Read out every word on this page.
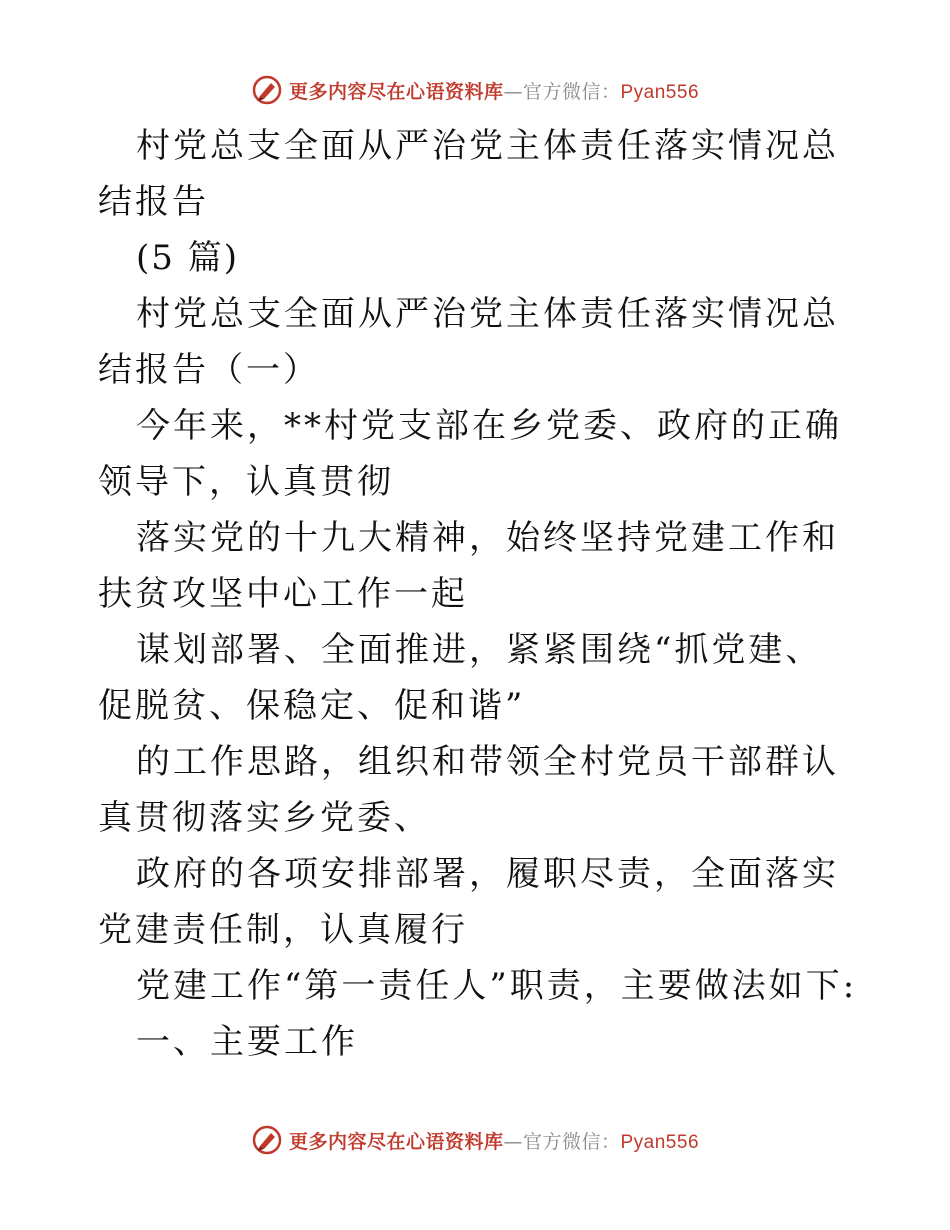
更多内容尽在心语资料库—官方微信：Pyan556

村党总支全面从严治党主体责任落实情况总结报告

(5 篇)

村党总支全面从严治党主体责任落实情况总结报告（一）

今年来，**村党支部在乡党委、政府的正确领导下，认真贯彻

落实党的十九大精神，始终坚持党建工作和扶贫攻坚中心工作一起

谋划部署、全面推进，紧紧围绕“抓党建、促脱贫、保稳定、促和谐”

的工作思路，组织和带领全村党员干部群认真贯彻落实乡党委、

政府的各项安排部署，履职尽责，全面落实党建责任制，认真履行

党建工作“第一责任人”职责，主要做法如下:

一、主要工作

更多内容尽在心语资料库—官方微信：Pyan556
